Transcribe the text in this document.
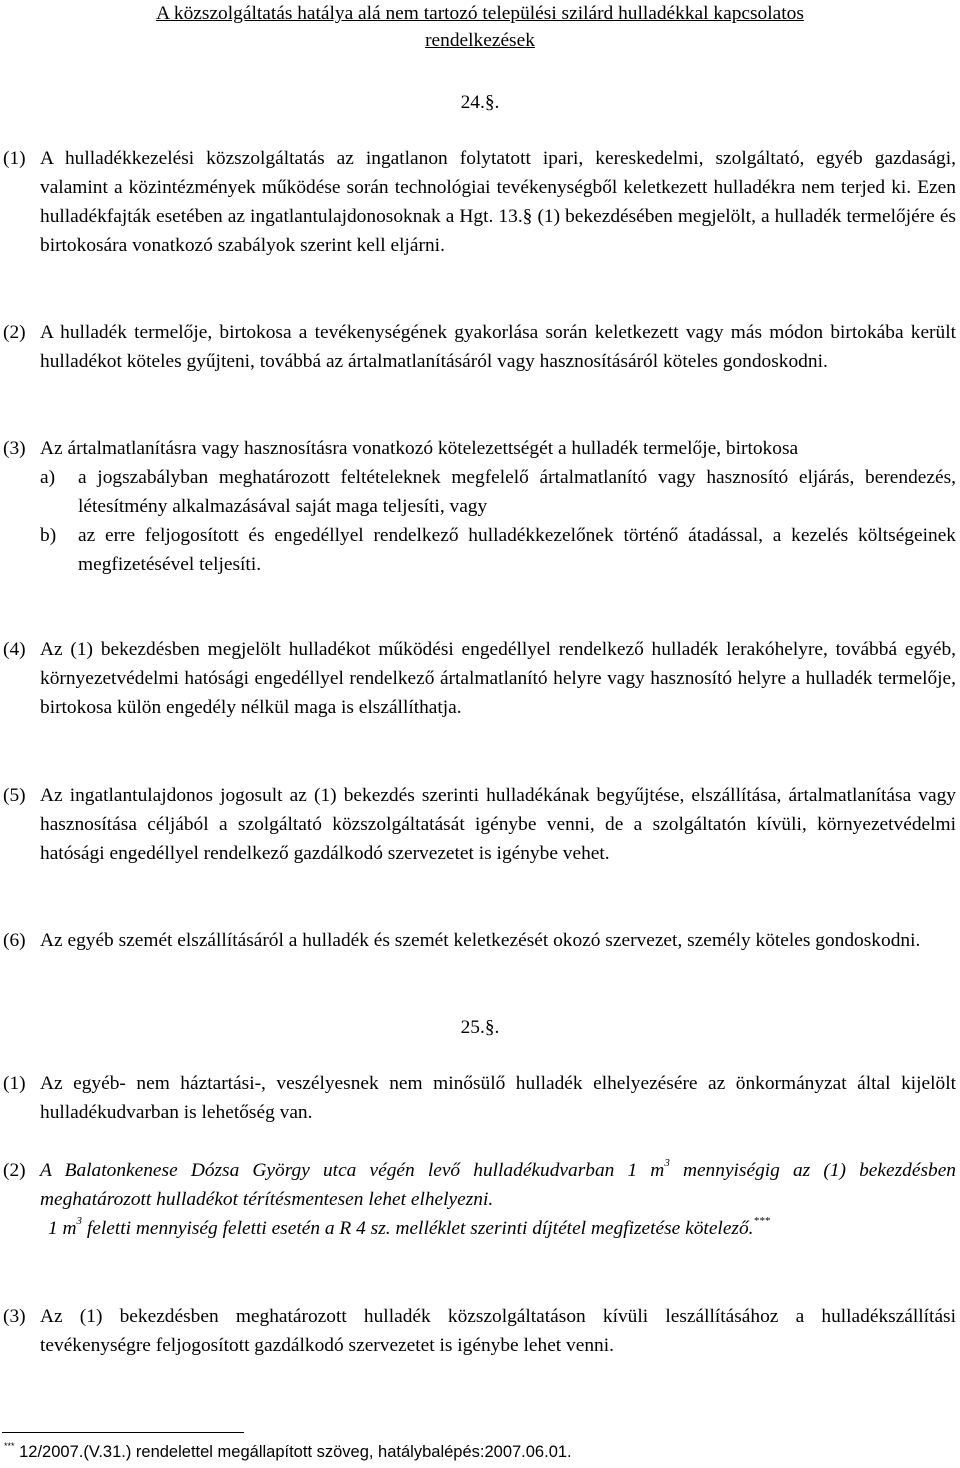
A közszolgáltatás hatálya alá nem tartozó települési szilárd hulladékkal kapcsolatos
rendelkezések
24.§.
(1) A hulladékkezelési közszolgáltatás az ingatlanon folytatott ipari, kereskedelmi, szolgáltató, egyéb gazdasági, valamint a közintézmények működése során technológiai tevékenységből keletkezett hulladékra nem terjed ki. Ezen hulladékfajták esetében az ingatlantulajdonosoknak a Hgt. 13.§ (1) bekezdésében megjelölt, a hulladék termelőjére és birtokosára vonatkozó szabályok szerint kell eljárni.
(2) A hulladék termelője, birtokosa a tevékenységének gyakorlása során keletkezett vagy más módon birtokába került hulladékot köteles gyűjteni, továbbá az ártalmatlanításáról vagy hasznosításáról köteles gondoskodni.
(3) Az ártalmatlanításra vagy hasznosításra vonatkozó kötelezettségét a hulladék termelője, birtokosa
a) a jogszabályban meghatározott feltételeknek megfelelő ártalmatlanító vagy hasznosító eljárás, berendezés, létesítmény alkalmazásával saját maga teljesíti, vagy
b) az erre feljogosított és engedéllyel rendelkező hulladékkezelőnek történő átadással, a kezelés költségeinek megfizetésével teljesíti.
(4) Az (1) bekezdésben megjelölt hulladékot működési engedéllyel rendelkező hulladék lerakóhelyre, továbbá egyéb, környezetvédelmi hatósági engedéllyel rendelkező ártalmatlanító helyre vagy hasznosító helyre a hulladék termelője, birtokosa külön engedély nélkül maga is elszállíthatja.
(5) Az ingatlantulajdonos jogosult az (1) bekezdés szerinti hulladékának begyűjtése, elszállítása, ártalmatlanítása vagy hasznosítása céljából a szolgáltató közszolgáltatását igénybe venni, de a szolgáltatón kívüli, környezetvédelmi hatósági engedéllyel rendelkező gazdálkodó szervezetet is igénybe vehet.
(6) Az egyéb szemét elszállításáról a hulladék és szemét keletkezését okozó szervezet, személy köteles gondoskodni.
25.§.
(1) Az egyéb- nem háztartási-, veszélyesnek nem minősülő hulladék elhelyezésére az önkormányzat által kijelölt hulladékudvarban is lehetőség van.
(2) A Balatonkenese Dózsa György utca végén levő hulladékudvarban 1 $m^3$ mennyiségig az (1) bekezdésben meghatározott hulladékot térítésmentesen lehet elhelyezni.
1 $m^3$ feletti mennyiség feletti esetén a R 4 sz. melléklet szerinti díjtétel megfizetése kötelező.***
(3) Az (1) bekezdésben meghatározott hulladék közszolgáltatáson kívüli leszállításához a hulladékszállítási tevékenységre feljogosított gazdálkodó szervezetet is igénybe lehet venni.
*** 12/2007.(V.31.) rendelettel megállapított szöveg, hatálybalépés:2007.06.01.
